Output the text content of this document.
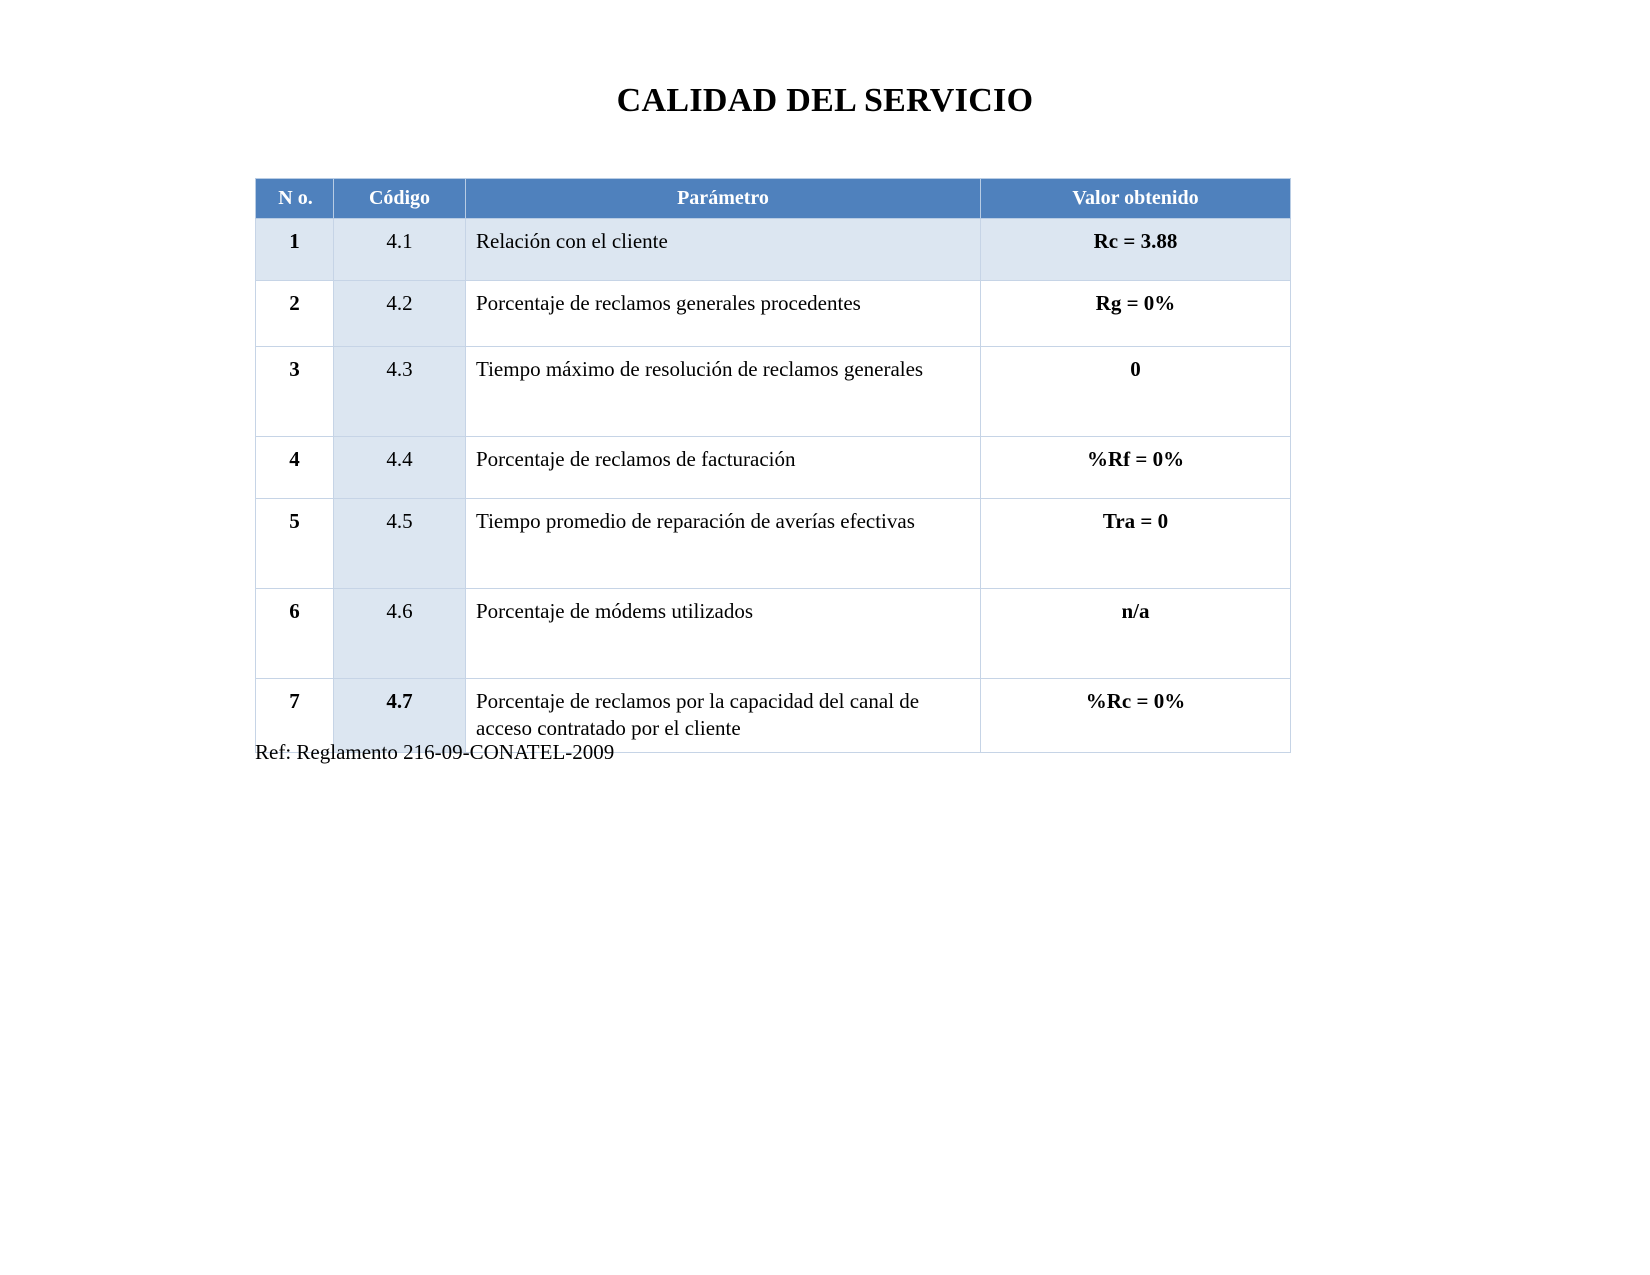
CALIDAD DEL SERVICIO
N o.	Código	Parámetro	Valor obtenido
1	4.1	Relación con el cliente	Rc = 3.88
2	4.2	Porcentaje de reclamos generales procedentes	Rg = 0%
3	4.3	Tiempo máximo de resolución de reclamos generales	0
4	4.4	Porcentaje de reclamos de facturación	%Rf = 0%
5	4.5	Tiempo promedio de reparación de averías efectivas	Tra = 0
6	4.6	Porcentaje de módems utilizados	n/a
7	4.7	Porcentaje de reclamos por la capacidad del canal de acceso contratado por el cliente	%Rc = 0%
Ref: Reglamento 216-09-CONATEL-2009
